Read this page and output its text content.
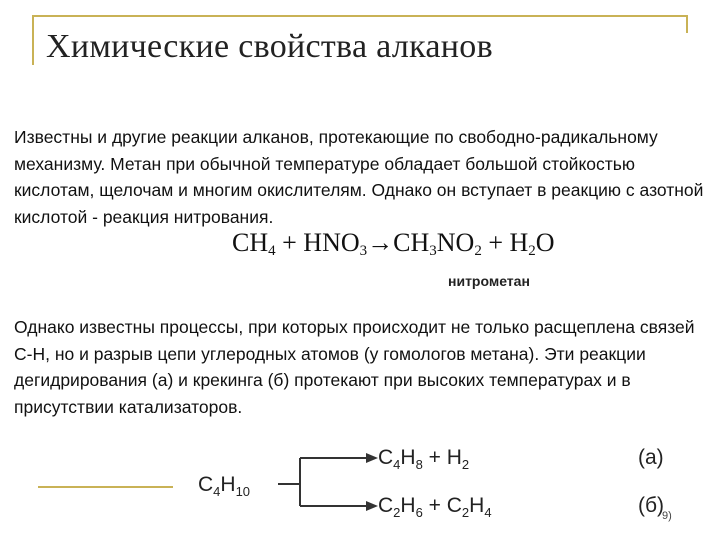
Химические свойства алканов

Известны и другие реакции алканов, протекающие по свободно-радикальному механизму. Метан при обычной температуре обладает большой стойкостью кислотам, щелочам и многим окислителям. Однако он вступает в реакцию с азотной кислотой - реакция нитрования.

$CH_4 + HNO_3\to CH_3NO_2 + H_2O$
нитрометан

Однако известны процессы, при которых происходит не только расщеплена связей С-Н, но и разрыв цепи углеродных атомов (у гомологов метана). Эти реакции дегидрирования (а) и крекинга (б) протекают при высоких температурах и в присутствии катализаторов.

$C_4H_{10}$
$C_4H_8 + H_2$	(а)
$C_2H_6 + C_2H_4$	(б)
9)
